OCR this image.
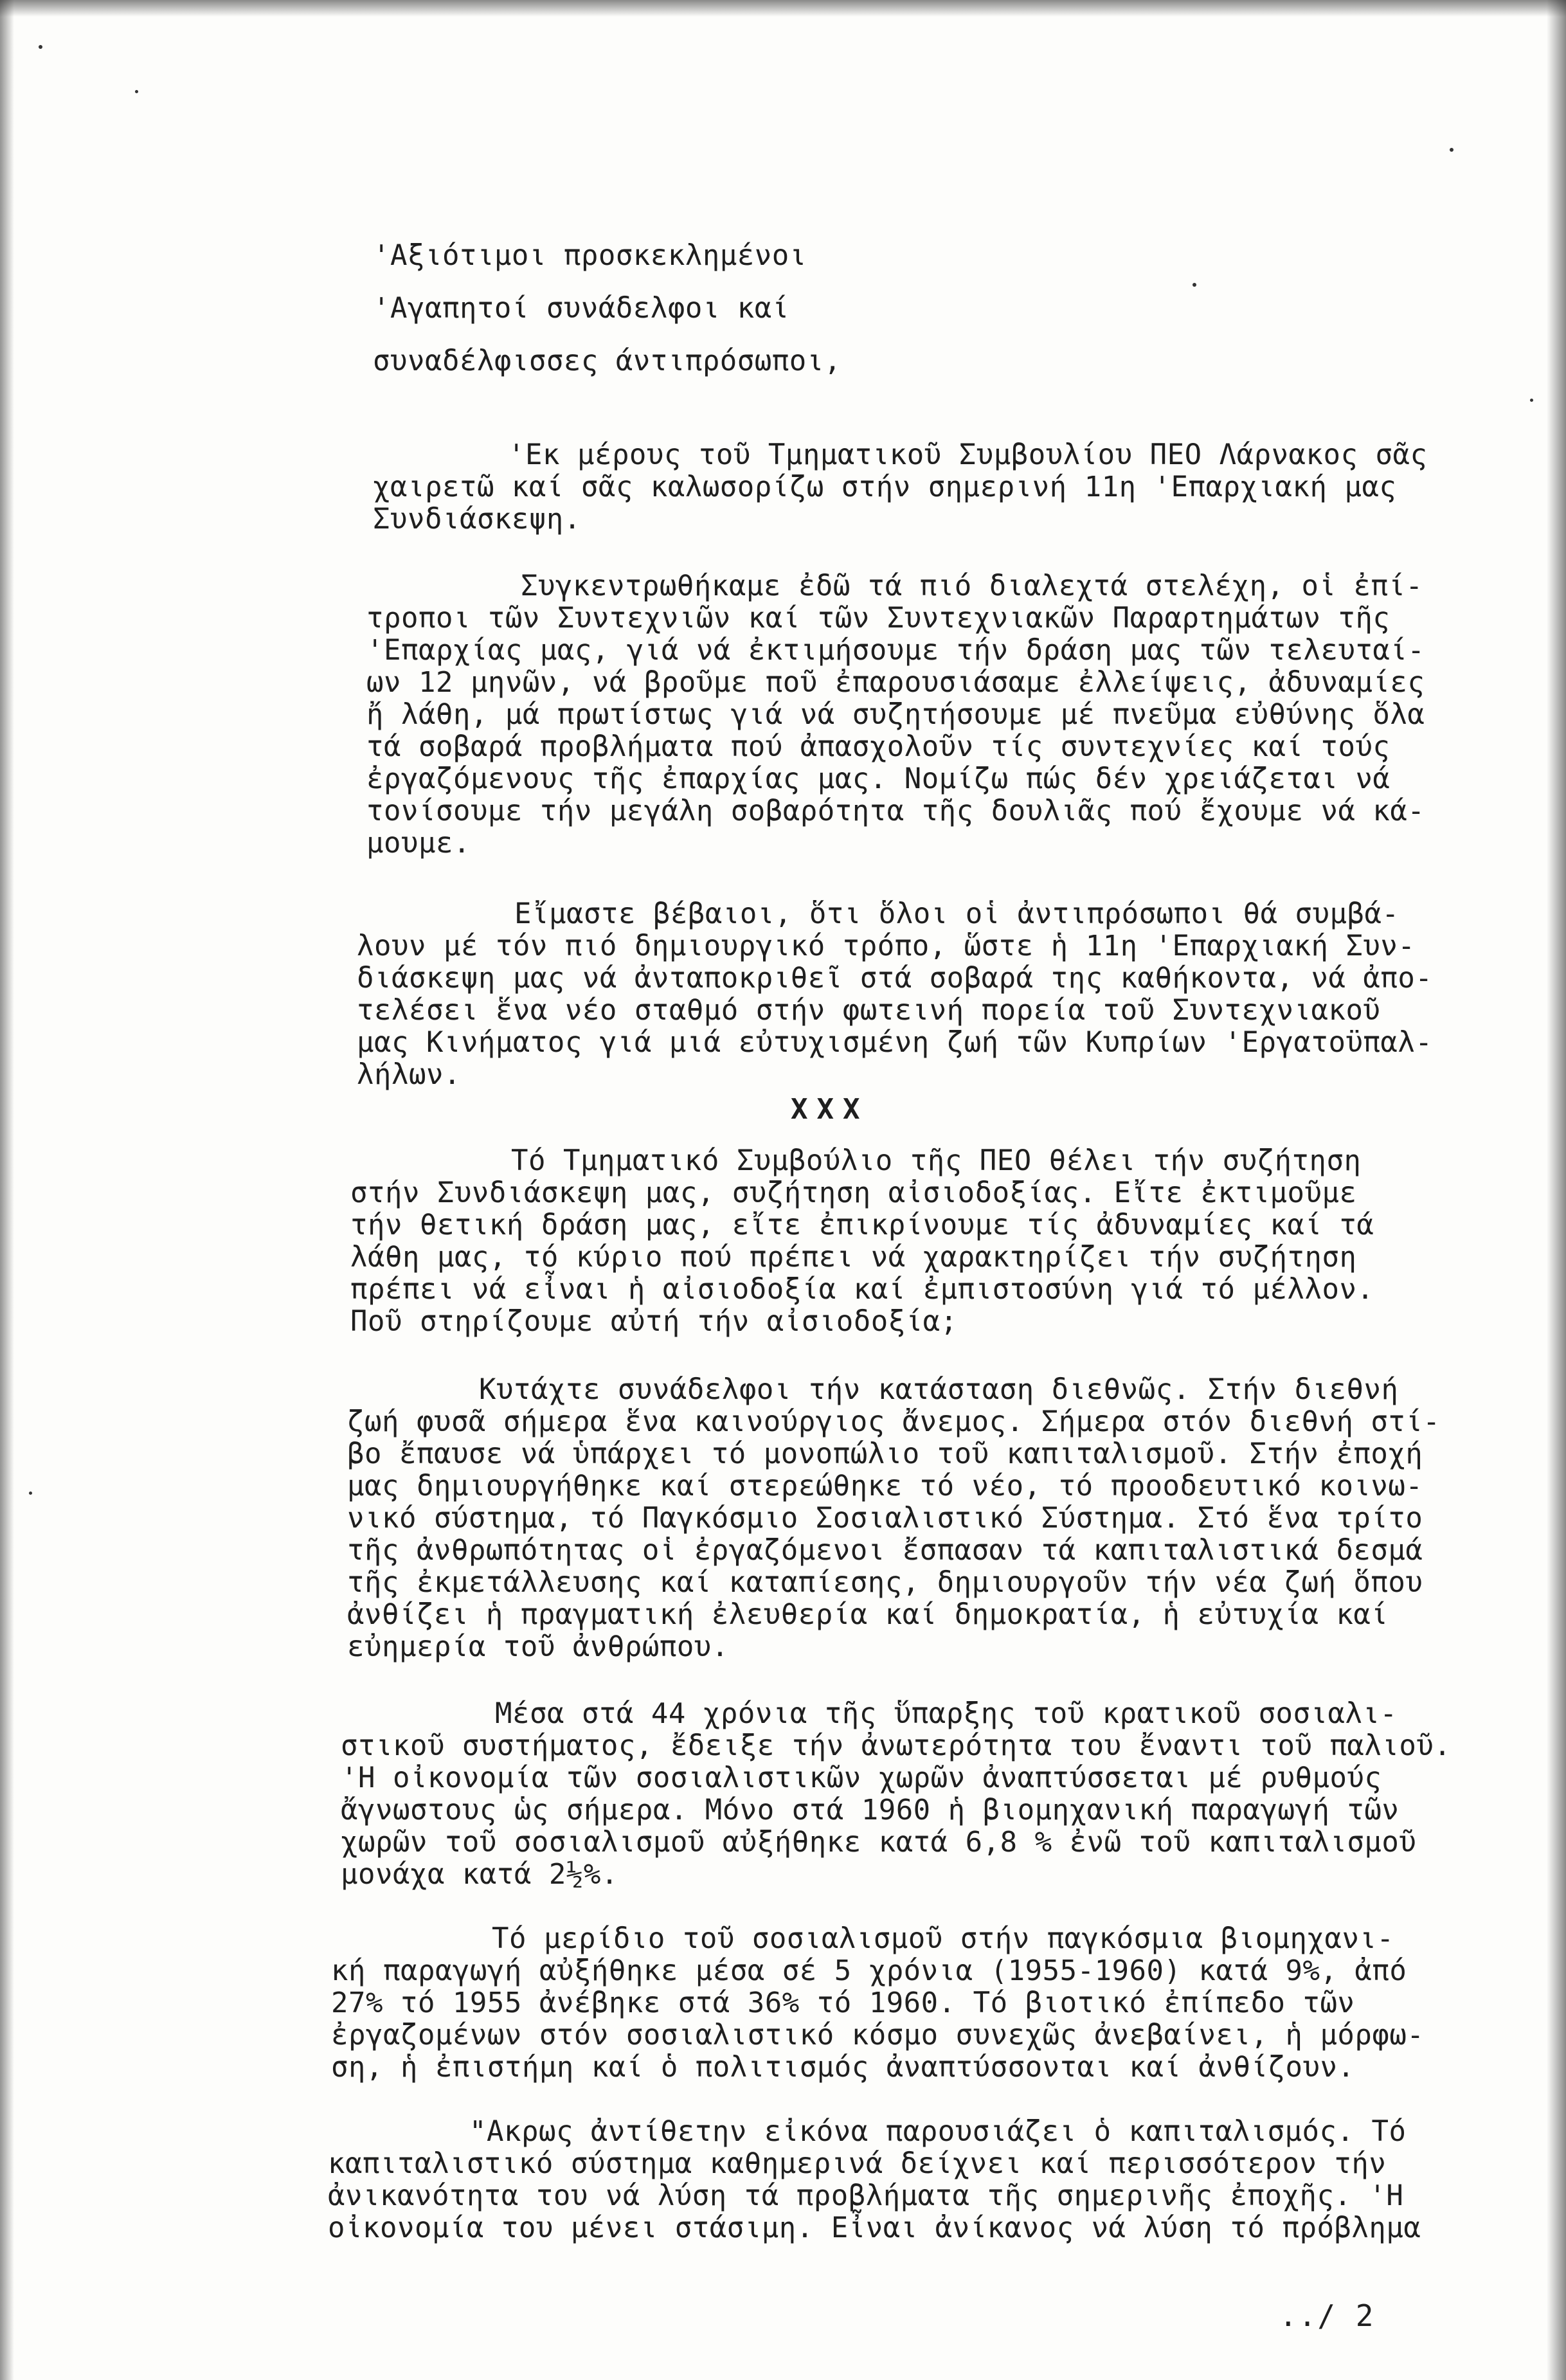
'Αξιότιμοι προσκεκλημένοι
'Αγαπητοί συνάδελφοι καί
συναδέλφισσες άντιπρόσωποι,
'Εκ μέρους τοῦ Τμηματικοῦ Συμβουλίου ΠΕΟ Λάρνακος σᾶς
χαιρετῶ καί σᾶς καλωσορίζω στήν σημερινή 11η 'Επαρχιακή μας
Συνδιάσκεψη.
Συγκεντρωθήκαμε ἐδῶ τά πιό διαλεχτά στελέχη, οἱ ἐπί-
τροποι τῶν Συντεχνιῶν καί τῶν Συντεχνιακῶν Παραρτημάτων τῆς
'Επαρχίας μας, γιά νά ἐκτιμήσουμε τήν δράση μας τῶν τελευταί-
ων 12 μηνῶν, νά βροῦμε ποῦ ἐπαρουσιάσαμε ἐλλείψεις, ἀδυναμίες
ἤ λάθη, μά πρωτίστως γιά νά συζητήσουμε μέ πνεῦμα εὐθύνης ὅλα
τά σοβαρά προβλήματα πού ἀπασχολοῦν τίς συντεχνίες καί τούς
ἐργαζόμενους τῆς ἐπαρχίας μας. Νομίζω πώς δέν χρειάζεται νά
τονίσουμε τήν μεγάλη σοβαρότητα τῆς δουλιᾶς πού ἔχουμε νά κά-
μουμε.
Εἴμαστε βέβαιοι, ὅτι ὅλοι οἱ ἀντιπρόσωποι θά συμβά-
λουν μέ τόν πιό δημιουργικό τρόπο, ὥστε ἡ 11η 'Επαρχιακή Συν-
διάσκεψη μας νά ἀνταποκριθεῖ στά σοβαρά της καθήκοντα, νά ἀπο-
τελέσει ἕνα νέο σταθμό στήν φωτεινή πορεία τοῦ Συντεχνιακοῦ
μας Κινήματος γιά μιά εὐτυχισμένη ζωή τῶν Κυπρίων 'Εργατοϋπαλ-
λήλων.
XXX
Τό Τμηματικό Συμβούλιο τῆς ΠΕΟ θέλει τήν συζήτηση
στήν Συνδιάσκεψη μας, συζήτηση αἰσιοδοξίας. Εἴτε ἐκτιμοῦμε
τήν θετική δράση μας, εἴτε ἐπικρίνουμε τίς ἀδυναμίες καί τά
λάθη μας, τό κύριο πού πρέπει νά χαρακτηρίζει τήν συζήτηση
πρέπει νά εἶναι ἡ αἰσιοδοξία καί ἐμπιστοσύνη γιά τό μέλλον.
Ποῦ στηρίζουμε αὐτή τήν αἰσιοδοξία;
Κυτάχτε συνάδελφοι τήν κατάσταση διεθνῶς. Στήν διεθνή
ζωή φυσᾶ σήμερα ἕνα καινούργιος ἄνεμος. Σήμερα στόν διεθνή στί-
βο ἔπαυσε νά ὑπάρχει τό μονοπώλιο τοῦ καπιταλισμοῦ. Στήν ἐποχή
μας δημιουργήθηκε καί στερεώθηκε τό νέο, τό προοδευτικό κοινω-
νικό σύστημα, τό Παγκόσμιο Σοσιαλιστικό Σύστημα. Στό ἕνα τρίτο
τῆς ἀνθρωπότητας οἱ ἐργαζόμενοι ἔσπασαν τά καπιταλιστικά δεσμά
τῆς ἐκμετάλλευσης καί καταπίεσης, δημιουργοῦν τήν νέα ζωή ὅπου
ἀνθίζει ἡ πραγματική ἐλευθερία καί δημοκρατία, ἡ εὐτυχία καί
εὐημερία τοῦ ἀνθρώπου.
Μέσα στά 44 χρόνια τῆς ὕπαρξης τοῦ κρατικοῦ σοσιαλι-
στικοῦ συστήματος, ἔδειξε τήν ἀνωτερότητα του ἔναντι τοῦ παλιοῦ.
'Η οἰκονομία τῶν σοσιαλιστικῶν χωρῶν ἀναπτύσσεται μέ ρυθμούς
ἄγνωστους ὡς σήμερα. Μόνο στά 1960 ἡ βιομηχανική παραγωγή τῶν
χωρῶν τοῦ σοσιαλισμοῦ αὐξήθηκε κατά 6,8 % ἐνῶ τοῦ καπιταλισμοῦ
μονάχα κατά 2½%.
Τό μερίδιο τοῦ σοσιαλισμοῦ στήν παγκόσμια βιομηχανι-
κή παραγωγή αὐξήθηκε μέσα σέ 5 χρόνια (1955-1960) κατά 9%, ἀπό
27% τό 1955 ἀνέβηκε στά 36% τό 1960. Τό βιοτικό ἐπίπεδο τῶν
ἐργαζομένων στόν σοσιαλιστικό κόσμο συνεχῶς ἀνεβαίνει, ἡ μόρφω-
ση, ἡ ἐπιστήμη καί ὁ πολιτισμός ἀναπτύσσονται καί ἀνθίζουν.
"Ακρως ἀντίθετην εἰκόνα παρουσιάζει ὁ καπιταλισμός. Τό
καπιταλιστικό σύστημα καθημερινά δείχνει καί περισσότερον τήν
ἀνικανότητα του νά λύση τά προβλήματα τῆς σημερινῆς ἐποχῆς. 'Η
οἰκονομία του μένει στάσιμη. Εἶναι ἀνίκανος νά λύση τό πρόβλημα
../ 2
